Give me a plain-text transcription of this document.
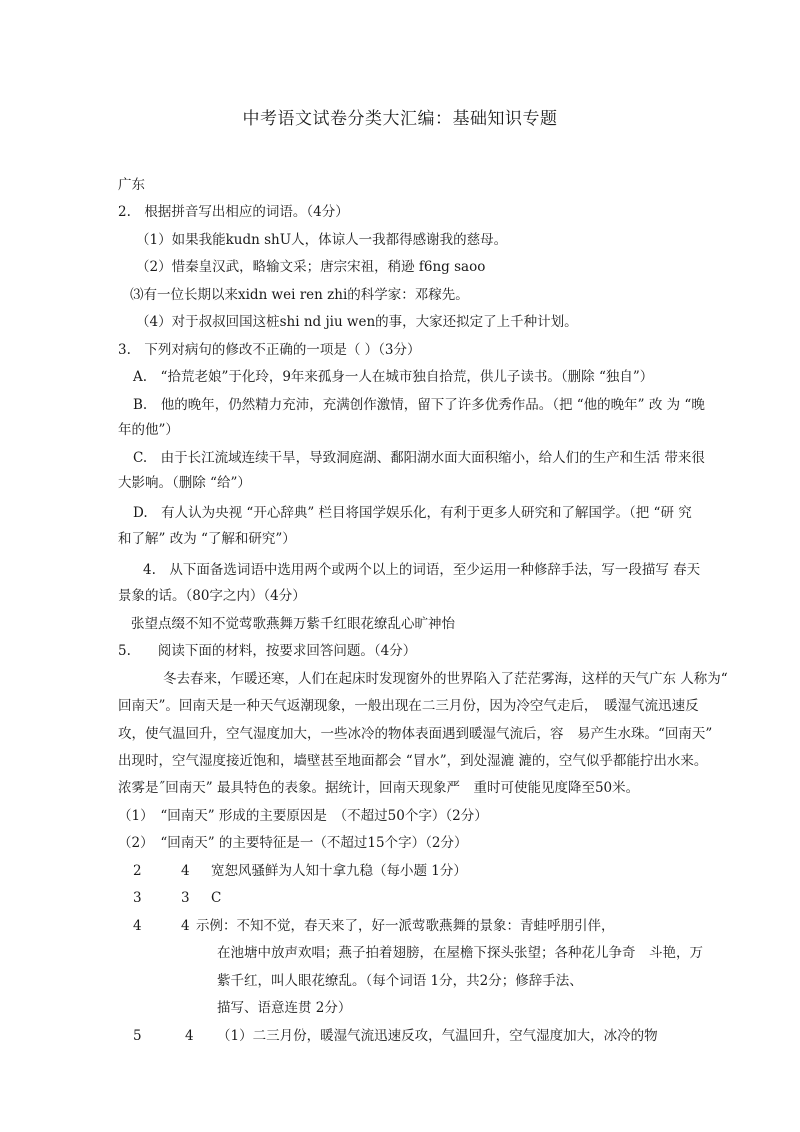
中考语文试卷分类大汇编：基础知识专题
广东
2.　根据拼音写出相应的词语。（4分）
（1）如果我能kudn shU人，体谅人一我都得感谢我的慈母。
（2）惜秦皇汉武，略输文采；唐宗宋祖，稍逊 f6ng saoo
⑶有一位长期以来xidn wei ren zhi的科学家：邓稼先。
（4）对于叔叔回国这桩shi nd jiu wen的事，大家还拟定了上千种计划。
3.　下列对病句的修改不正确的一项是（ ）（3分）
A.　“拾荒老娘”于化玲，9年来孤身一人在城市独自拾荒，供儿子读书。（删除 “独自”）
B.　他的晚年，仍然精力充沛，充满创作激情，留下了许多优秀作品。（把 “他的晚年” 改 为 “晚
年的他”）
C.　由于长江流域连续干旱，导致洞庭湖、鄱阳湖水面大面积缩小，给人们的生产和生活 带来很
大影响。（删除 “给”）
D.　有人认为央视 “开心辞典” 栏目将国学娱乐化，有利于更多人研究和了解国学。（把 “研 究
和了解” 改为 “了解和研究”）
4.　从下面备选词语中选用两个或两个以上的词语，至少运用一种修辞手法，写一段描写 春天
景象的话。（80字之内）（4分）
张望点缀不知不觉莺歌燕舞万紫千红眼花缭乱心旷神怡
5.　　阅读下面的材料，按要求回答问题。（4分）
冬去春来，乍暖还寒，人们在起床时发现窗外的世界陷入了茫茫雾海，这样的天气广东 人称为“
回南天”。回南天是一种天气返潮现象，一般出现在二三月份，因为冷空气走后，　暖湿气流迅速反
攻，使气温回升，空气湿度加大，一些冰冷的物体表面遇到暖湿气流后，容　易产生水珠。“回南天”
出现时，空气湿度接近饱和，墙壁甚至地面都会 “冒水”，到处湿漉 漉的，空气似乎都能拧出水来。
浓雾是˝回南天” 最具特色的表象。据统计，回南天现象严　重时可使能见度降至50米。
（1）　“回南天” 形成的主要原因是　（不超过50个字）（2分）
（2）　“回南天” 的主要特征是一（不超过15个字）（2分）
2	4 宽恕风骚鲜为人知十拿九稳（每小题 1分）
3	3 C
4	4 示例：不知不觉，春天来了，好一派莺歌燕舞的景象：青蛙呼朋引伴，
在池塘中放声欢唱；燕子拍着翅膀，在屋檐下探头张望；各种花儿争奇　斗艳，万
紫千红，叫人眼花缭乱。（每个词语 1分，共2分；修辞手法、
描写、语意连贯 2分）
5	4 （1）二三月份，暖湿气流迅速反攻，气温回升，空气湿度加大，冰冷的物
